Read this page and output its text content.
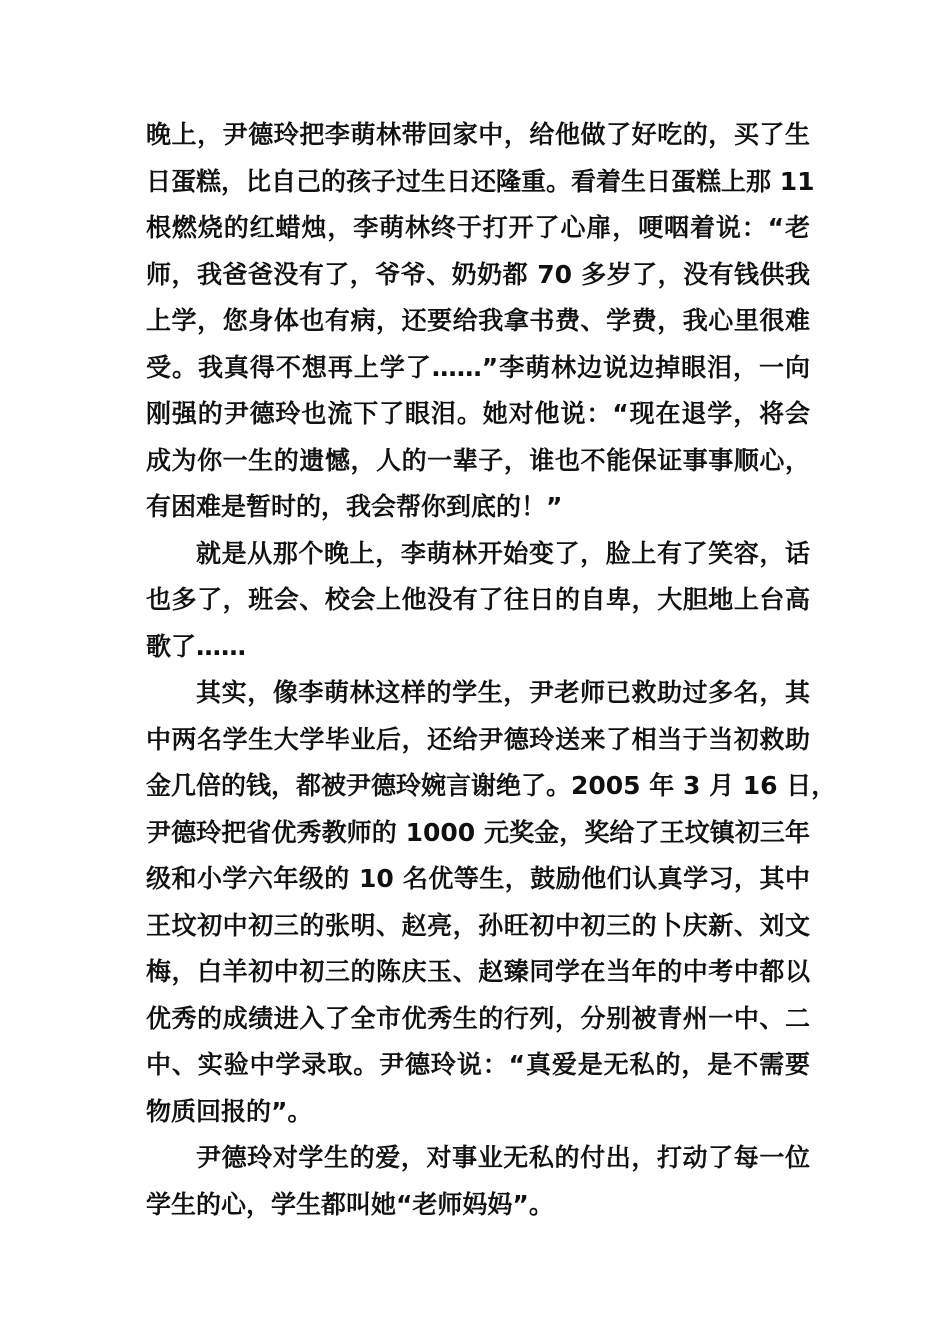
晚上，尹德玲把李萌林带回家中，给他做了好吃的，买了生
日蛋糕，比自己的孩子过生日还隆重。看着生日蛋糕上那 11
根燃烧的红蜡烛，李萌林终于打开了心扉，哽咽着说：“老
师，我爸爸没有了，爷爷、奶奶都 70 多岁了，没有钱供我
上学，您身体也有病，还要给我拿书费、学费，我心里很难
受。我真得不想再上学了……”李萌林边说边掉眼泪，一向
刚强的尹德玲也流下了眼泪。她对他说：“现在退学，将会
成为你一生的遗憾，人的一辈子，谁也不能保证事事顺心，
有困难是暂时的，我会帮你到底的！”
就是从那个晚上，李萌林开始变了，脸上有了笑容，话
也多了，班会、校会上他没有了往日的自卑，大胆地上台高
歌了……
其实，像李萌林这样的学生，尹老师已救助过多名，其
中两名学生大学毕业后，还给尹德玲送来了相当于当初救助
金几倍的钱，都被尹德玲婉言谢绝了。2005 年 3 月 16 日，
尹德玲把省优秀教师的 1000 元奖金，奖给了王坟镇初三年
级和小学六年级的 10 名优等生，鼓励他们认真学习，其中
王坟初中初三的张明、赵亮，孙旺初中初三的卜庆新、刘文
梅，白羊初中初三的陈庆玉、赵臻同学在当年的中考中都以
优秀的成绩进入了全市优秀生的行列，分别被青州一中、二
中、实验中学录取。尹德玲说：“真爱是无私的，是不需要
物质回报的”。
尹德玲对学生的爱，对事业无私的付出，打动了每一位
学生的心，学生都叫她“老师妈妈”。
